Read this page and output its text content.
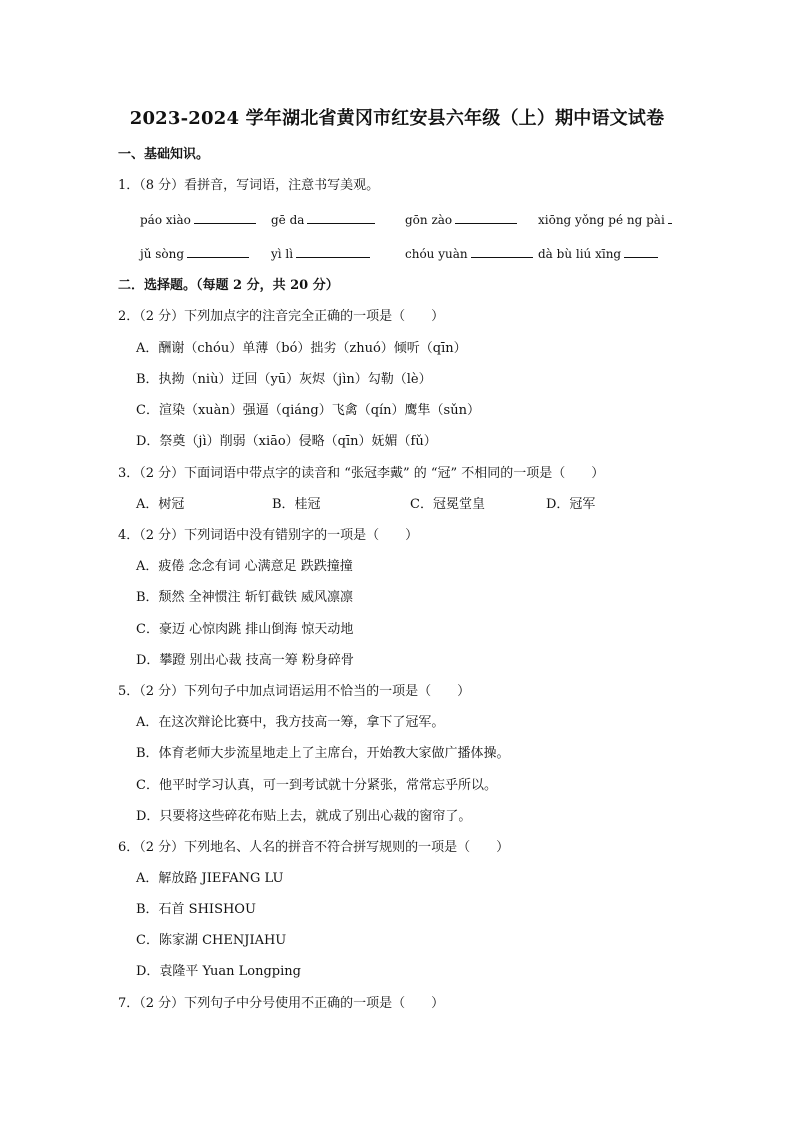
2023-2024 学年湖北省黄冈市红安县六年级（上）期中语文试卷
一、基础知识。
1．（8 分）看拼音，写词语，注意书写美观。
páo xiào	gē da	gōn zào	xiōng yǒng pé ng pài
jǔ sòng	yì lì	chóu yuàn	dà bù liú xīng
二．选择题。（每题 2 分，共 20 分）
2．（2 分）下列加点字的注音完全正确的一项是（　　）
A．酬谢（chóu）单薄（bó）拙劣（zhuó）倾听（qīn）
B．执拗（niù）迂回（yū）灰烬（jìn）勾勒（lè）
C．渲染（xuàn）强逼（qiáng）飞禽（qín）鹰隼（sǔn）
D．祭奠（jì）削弱（xiāo）侵略（qīn）妩媚（fǔ）
3．（2 分）下面词语中带点字的读音和 “张冠李戴” 的 “冠” 不相同的一项是（　　）
A．树冠	B．桂冠	C．冠冕堂皇	D．冠军
4．（2 分）下列词语中没有错别字的一项是（　　）
A．疲倦 念念有词 心满意足 跌跌撞撞
B．颓然 全神惯注 斩钉截铁 威风凛凛
C．豪迈 心惊肉跳 排山倒海 惊天动地
D．攀蹬 别出心裁 技高一筹 粉身碎骨
5．（2 分）下列句子中加点词语运用不恰当的一项是（　　）
A．在这次辩论比赛中，我方技高一筹，拿下了冠军。
B．体育老师大步流星地走上了主席台，开始教大家做广播体操。
C．他平时学习认真，可一到考试就十分紧张，常常忘乎所以。
D．只要将这些碎花布贴上去，就成了别出心裁的窗帘了。
6．（2 分）下列地名、人名的拼音不符合拼写规则的一项是（　　）
A．解放路 JIEFANG LU
B．石首 SHISHOU
C．陈家湖 CHENJIAHU
D．袁隆平 Yuan Longping
7．（2 分）下列句子中分号使用不正确的一项是（　　）
